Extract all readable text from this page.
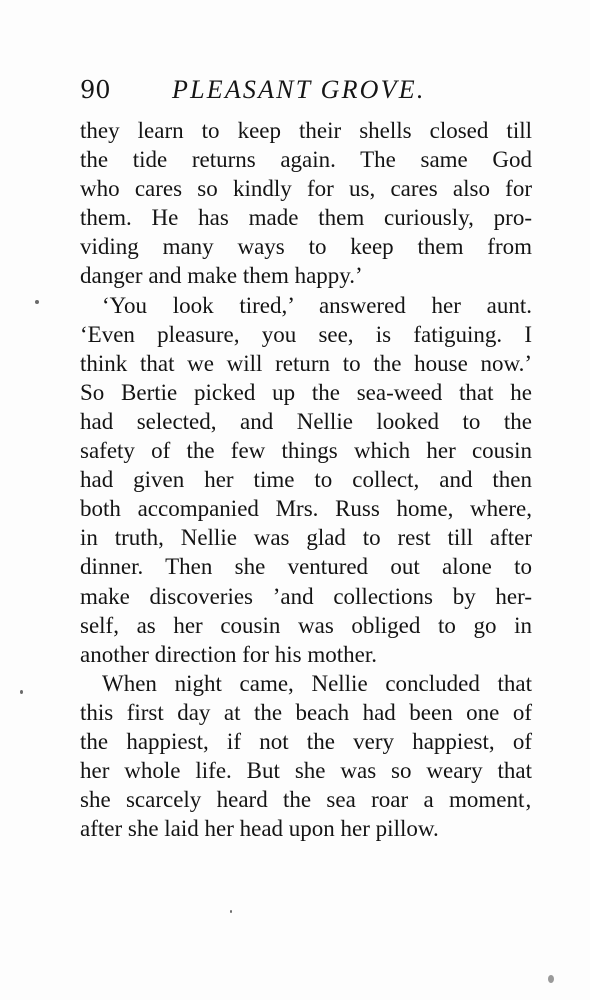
90 PLEASANT GROVE.
they learn to keep their shells closed till
the tide returns again. The same God
who cares so kindly for us, cares also for
them. He has made them curiously, pro-
viding many ways to keep them from
danger and make them happy.’
‘You look tired,’ answered her aunt.
‘Even pleasure, you see, is fatiguing. I
think that we will return to the house now.’
So Bertie picked up the sea-weed that he
had selected, and Nellie looked to the
safety of the few things which her cousin
had given her time to collect, and then
both accompanied Mrs. Russ home, where,
in truth, Nellie was glad to rest till after
dinner. Then she ventured out alone to
make discoveries ’and collections by her-
self, as her cousin was obliged to go in
another direction for his mother.
When night came, Nellie concluded that
this first day at the beach had been one of
the happiest, if not the very happiest, of
her whole life. But she was so weary that
she scarcely heard the sea roar a moment‚
after she laid her head upon her pillow.
